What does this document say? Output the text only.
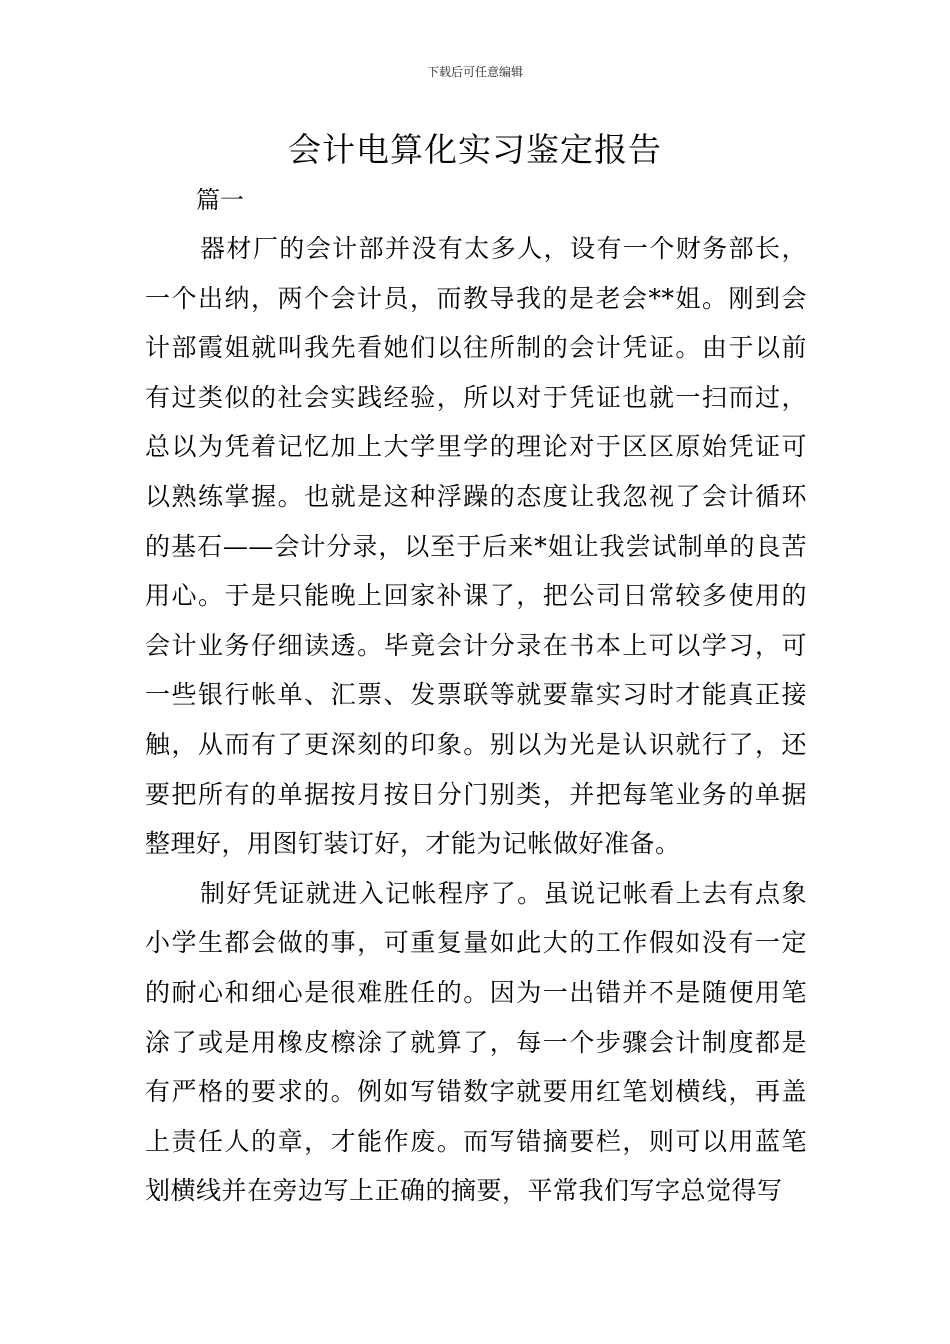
下载后可任意编辑
会计电算化实习鉴定报告

篇一

器材厂的会计部并没有太多人，设有一个财务部长，一个出纳，两个会计员，而教导我的是老会**姐。刚到会计部霞姐就叫我先看她们以往所制的会计凭证。由于以前有过类似的社会实践经验，所以对于凭证也就一扫而过，总以为凭着记忆加上大学里学的理论对于区区原始凭证可以熟练掌握。也就是这种浮躁的态度让我忽视了会计循环的基石——会计分录，以至于后来*姐让我尝试制单的良苦用心。于是只能晚上回家补课了，把公司日常较多使用的会计业务仔细读透。毕竟会计分录在书本上可以学习，可一些银行帐单、汇票、发票联等就要靠实习时才能真正接触，从而有了更深刻的印象。别以为光是认识就行了，还要把所有的单据按月按日分门别类，并把每笔业务的单据整理好，用图钉装订好，才能为记帐做好准备。

制好凭证就进入记帐程序了。虽说记帐看上去有点象小学生都会做的事，可重复量如此大的工作假如没有一定的耐心和细心是很难胜任的。因为一出错并不是随便用笔涂了或是用橡皮檫涂了就算了，每一个步骤会计制度都是有严格的要求的。例如写错数字就要用红笔划横线，再盖上责任人的章，才能作废。而写错摘要栏，则可以用蓝笔划横线并在旁边写上正确的摘要，平常我们写字总觉得写
